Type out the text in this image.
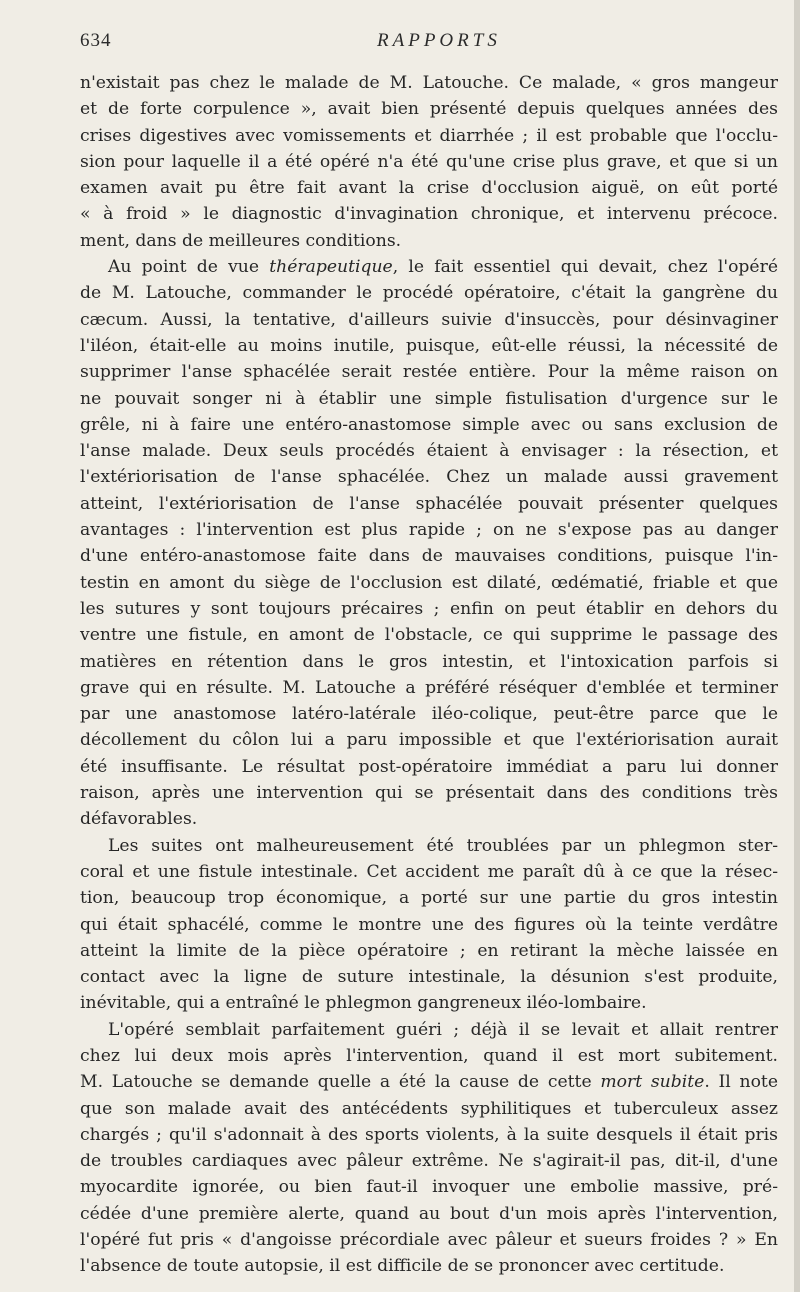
634	RAPPORTS

n'existait pas chez le malade de M. Latouche. Ce malade, « gros mangeur

et de forte corpulence », avait bien présenté depuis quelques années des

crises digestives avec vomissements et diarrhée ; il est probable que l'occlu-

sion pour laquelle il a été opéré n'a été qu'une crise plus grave, et que si un

examen avait pu être fait avant la crise d'occlusion aiguë, on eût porté

« à froid » le diagnostic d'invagination chronique, et intervenu précoce.

ment, dans de meilleures conditions.

Au point de vue thérapeutique, le fait essentiel qui devait, chez l'opéré

de M. Latouche, commander le procédé opératoire, c'était la gangrène du

cæcum. Aussi, la tentative, d'ailleurs suivie d'insuccès, pour désinvaginer

l'iléon, était-elle au moins inutile, puisque, eût-elle réussi, la nécessité de

supprimer l'anse sphacélée serait restée entière. Pour la même raison on

ne pouvait songer ni à établir une simple fistulisation d'urgence sur le

grêle, ni à faire une entéro-anastomose simple avec ou sans exclusion de

l'anse malade. Deux seuls procédés étaient à envisager : la résection, et

l'extériorisation de l'anse sphacélée. Chez un malade aussi gravement

atteint, l'extériorisation de l'anse sphacélée pouvait présenter quelques

avantages : l'intervention est plus rapide ; on ne s'expose pas au danger

d'une entéro-anastomose faite dans de mauvaises conditions, puisque l'in-

testin en amont du siège de l'occlusion est dilaté, œdématié, friable et que

les sutures y sont toujours précaires ; enfin on peut établir en dehors du

ventre une fistule, en amont de l'obstacle, ce qui supprime le passage des

matières en rétention dans le gros intestin, et l'intoxication parfois si

grave qui en résulte. M. Latouche a préféré réséquer d'emblée et terminer

par une anastomose latéro-latérale iléo-colique, peut-être parce que le

décollement du côlon lui a paru impossible et que l'extériorisation aurait

été insuffisante. Le résultat post-opératoire immédiat a paru lui donner

raison, après une intervention qui se présentait dans des conditions très

défavorables.

Les suites ont malheureusement été troublées par un phlegmon ster-

coral et une fistule intestinale. Cet accident me paraît dû à ce que la résec-

tion, beaucoup trop économique, a porté sur une partie du gros intestin

qui était sphacélé, comme le montre une des figures où la teinte verdâtre

atteint la limite de la pièce opératoire ; en retirant la mèche laissée en

contact avec la ligne de suture intestinale, la désunion s'est produite,

inévitable, qui a entraîné le phlegmon gangreneux iléo-lombaire.

L'opéré semblait parfaitement guéri ; déjà il se levait et allait rentrer

chez lui deux mois après l'intervention, quand il est mort subitement.

M. Latouche se demande quelle a été la cause de cette mort subite. Il note

que son malade avait des antécédents syphilitiques et tuberculeux assez

chargés ; qu'il s'adonnait à des sports violents, à la suite desquels il était pris

de troubles cardiaques avec pâleur extrême. Ne s'agirait-il pas, dit-il, d'une

myocardite ignorée, ou bien faut-il invoquer une embolie massive, pré-

cédée d'une première alerte, quand au bout d'un mois après l'intervention,

l'opéré fut pris « d'angoisse précordiale avec pâleur et sueurs froides ? » En

l'absence de toute autopsie, il est difficile de se prononcer avec certitude.
